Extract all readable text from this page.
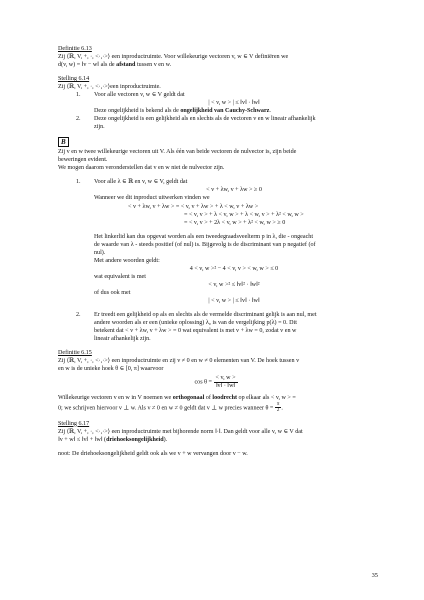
Definitie 6.13

Zij ⟨ℝ, V, +, ·, <·,·>⟩ een inproductruimte. Voor willekeurige vectoren v, w ∈ V definiëren we

d(v, w) = ‖v − w‖ als de afstand tussen v en w.

Stelling 6.14

Zij ⟨ℝ, V, +, ·, <·,·>⟩een inproductruimte.

1. Voor alle vectoren v, w ∈ V geldt dat

| < v, w > | ≤ ‖v‖ · ‖w‖

Deze ongelijkheid is bekend als de ongelijkheid van Cauchy-Schwarz.

2. Deze ongelijkheid is een gelijkheid als en slechts als de vectoren v en w lineair afhankelijk

zijn.

B

Zij v en w twee willekeurige vectoren uit V. Als één van beide vectoren de nulvector is, zijn beide

beweringen evident.

We mogen daarom veronderstellen dat v en w niet de nulvector zijn.

1. Voor alle λ ∈ ℝ en v, w ∈ V, geldt dat

< v + λw, v + λw > ≥ 0

Wanneer we dit inproduct uitwerken vinden we

< v + λw, v + λw > = < v, v + λw > + λ < w, v + λw >

= < v, v > + λ < v, w > + λ < w, v > + λ² < w, w >

= < v, v > + 2λ < v, w > + λ² < w, w > ≥ 0

Het linkerlid kan dus opgevat worden als een tweedegraadsveelterm p in λ, die - ongeacht

de waarde van λ - steeds positief (of nul) is. Bijgevolg is de discriminant van p negatief (of

nul).

Met andere woorden geldt:

4 < v, w >² − 4 < v, v > < w, w > ≤ 0

wat equivalent is met

< v, w >² ≤ ‖v‖² · ‖w‖²

of dus ook met

| < v, w > | ≤ ‖v‖ · ‖w‖

2. Er treedt een gelijkheid op als en slechts als de vermelde discriminant gelijk is aan nul, met

andere woorden als er een (unieke oplossing) λ₀ is van de vergelijking p(λ) = 0. Dit

betekent dat < v + λw, v + λw > = 0 wat equivalent is met v + λw = 0, zodat v en w

lineair afhankelijk zijn.

Definitie 6.15

Zij ⟨ℝ, V, +, ·, <·,·>⟩ een inproductruimte en zij v ≠ 0 en w ≠ 0 elementen van V. De hoek tussen v

en w is de unieke hoek θ ∈ [0, π] waarvoor

$\cos \theta = \frac{< v, w >}{‖v‖ \cdot ‖w‖}$

Willekeurige vectoren v en w in V noemen we orthogonaal of loodrecht op elkaar als < v, w > =

0; we schrijven hiervoor v ⊥ w. Als v ≠ 0 en w ≠ 0 geldt dat v ⊥ w precies wanneer $\theta = \frac{\pi}{2}$ .

Stelling 6.17

Zij ⟨ℝ, V, +, ·, <·,·>⟩ een inproductruimte met bijhorende norm ‖·‖. Dan geldt voor alle v, w ∈ V dat

‖v + w‖ ≤ ‖v‖ + ‖w‖ (driehoeksongelijkheid).

noot: De driehoeksongelijkheid geldt ook als we v + w vervangen door v − w.

35
